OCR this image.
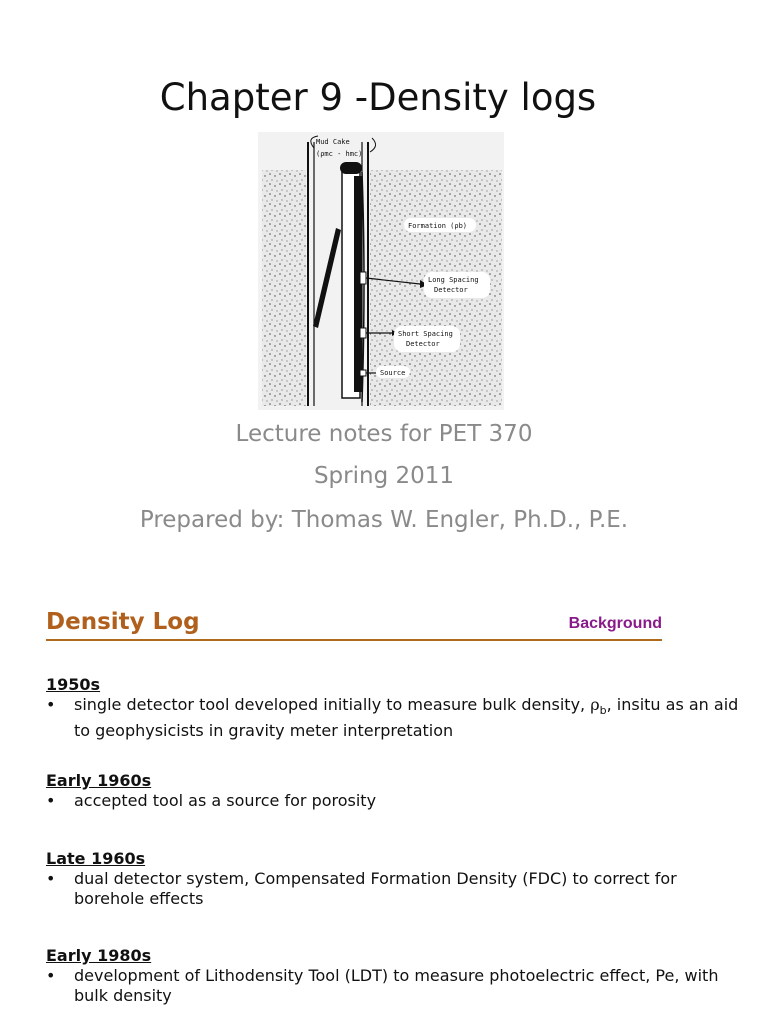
Chapter 9 -Density logs
Mud Cake
(ρmc - hmc)
Formation (ρb)
Long Spacing
Detector
Short Spacing
Detector
Source
Lecture notes for PET 370
Spring 2011
Prepared by: Thomas W. Engler, Ph.D., P.E.
Density Log	Background
1950s
• single detector tool developed initially to measure bulk density, $\rho_b$, insitu as an aid to geophysicists in gravity meter interpretation
Early 1960s
• accepted tool as a source for porosity
Late 1960s
• dual detector system, Compensated Formation Density (FDC) to correct for borehole effects
Early 1980s
• development of Lithodensity Tool (LDT) to measure photoelectric effect, Pe, with bulk density
